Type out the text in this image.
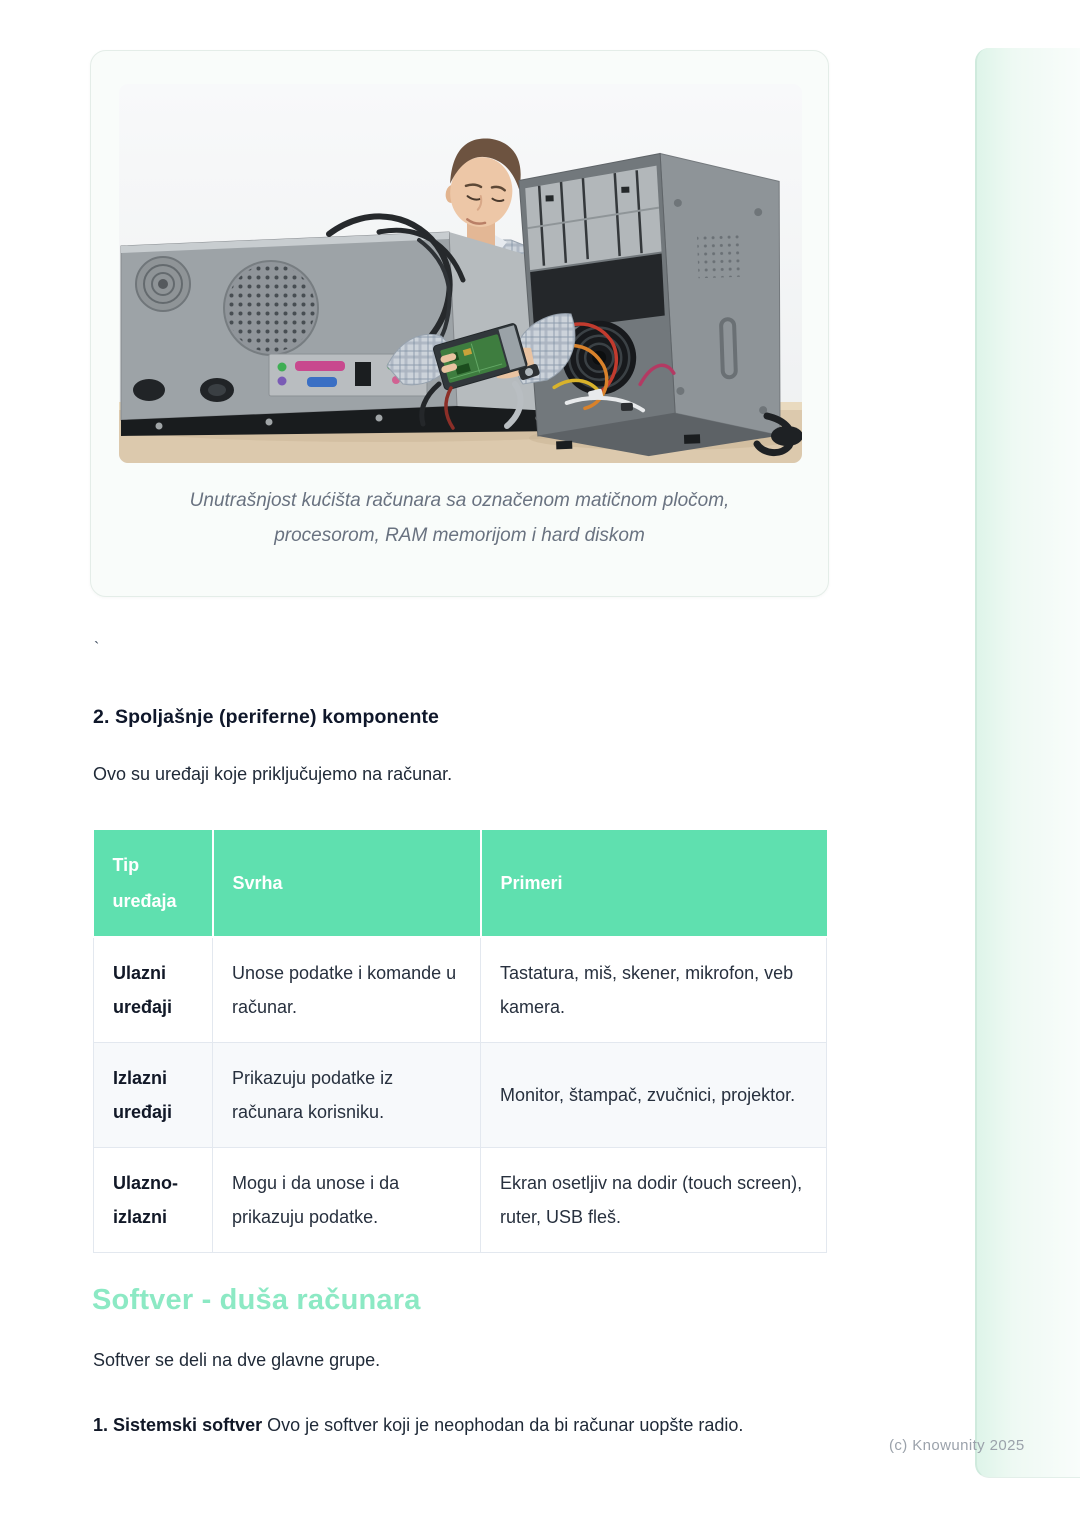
Unutrašnjost kućišta računara sa označenom matičnom pločom,
procesorom, RAM memorijom i hard diskom
`
2. Spoljašnje (periferne) komponente
Ovo su uređaji koje priključujemo na računar.
Tip uređaja	Svrha	Primeri
Ulazni uređaji	Unose podatke i komande u računar.	Tastatura, miš, skener, mikrofon, veb kamera.
Izlazni uređaji	Prikazuju podatke iz računara korisniku.	Monitor, štampač, zvučnici, projektor.
Ulazno-izlazni	Mogu i da unose i da prikazuju podatke.	Ekran osetljiv na dodir (touch screen), ruter, USB fleš.
Softver - duša računara
Softver se deli na dve glavne grupe.
1. Sistemski softver Ovo je softver koji je neophodan da bi računar uopšte radio.
(c) Knowunity 2025
